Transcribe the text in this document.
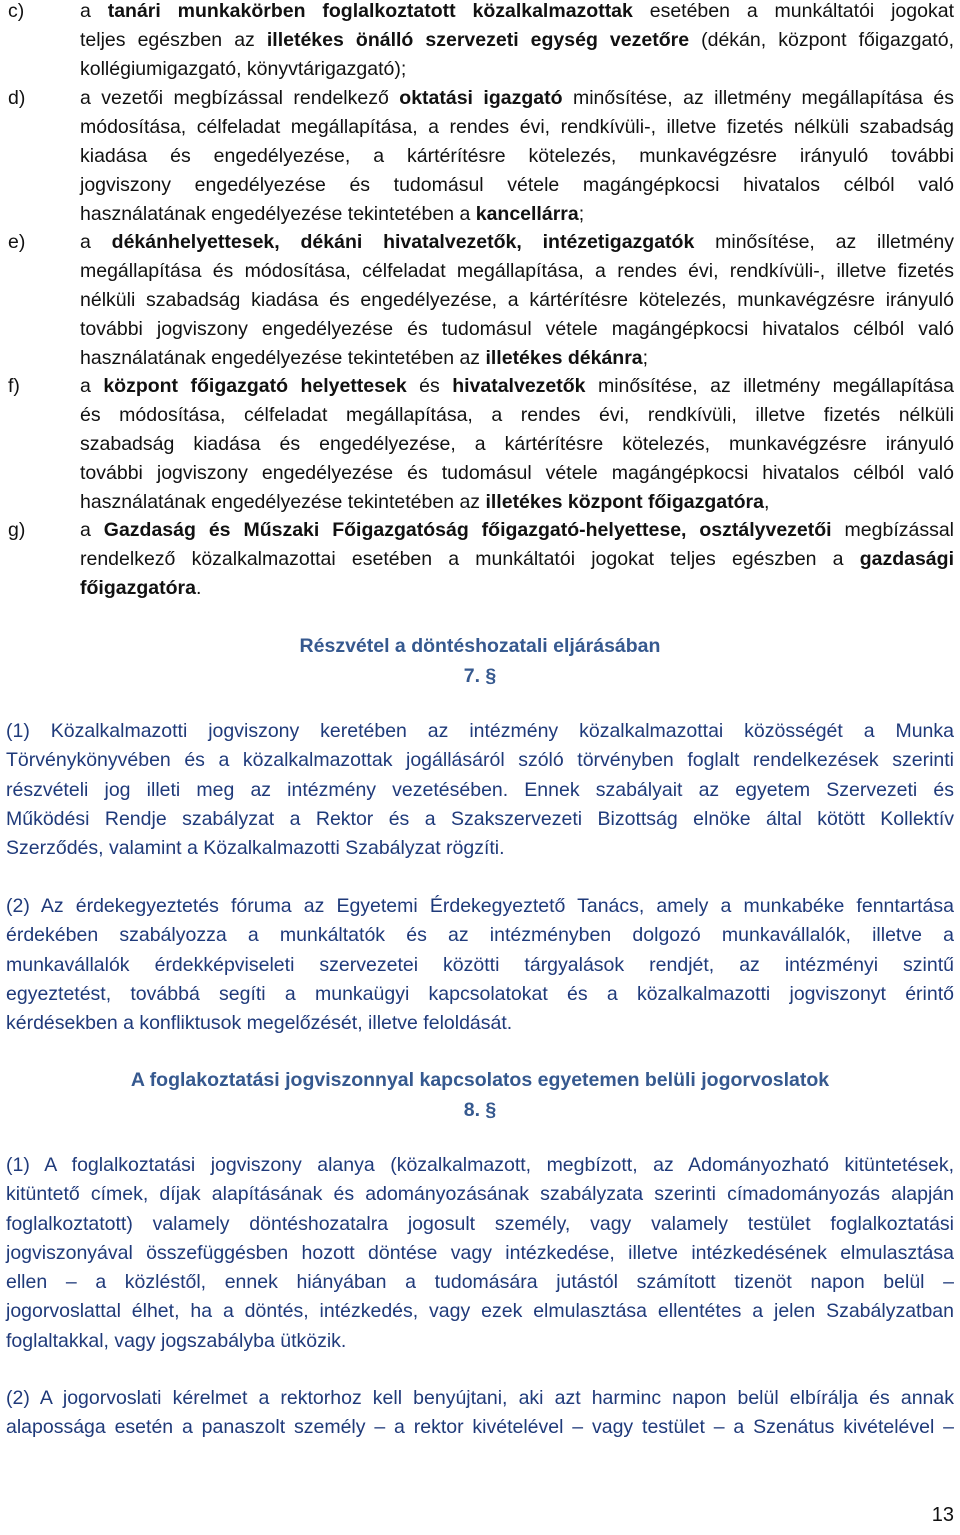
c)	a tanári munkakörben foglalkoztatott közalkalmazottak esetében a munkáltatói jogokat
teljes egészben az illetékes önálló szervezeti egység vezetőre (dékán, központ főigazgató,
kollégiumigazgató, könyvtárigazgató);
d)	a vezetői megbízással rendelkező oktatási igazgató minősítése, az illetmény megállapítása és
módosítása, célfeladat megállapítása, a rendes évi, rendkívüli-, illetve fizetés nélküli szabadság
kiadása és engedélyezése, a kártérítésre kötelezés, munkavégzésre irányuló további
jogviszony engedélyezése és tudomásul vétele magángépkocsi hivatalos célból való
használatának engedélyezése tekintetében a kancellárra;
e)	a dékánhelyettesek, dékáni hivatalvezetők, intézetigazgatók minősítése, az illetmény
megállapítása és módosítása, célfeladat megállapítása, a rendes évi, rendkívüli-, illetve fizetés
nélküli szabadság kiadása és engedélyezése, a kártérítésre kötelezés, munkavégzésre irányuló
további jogviszony engedélyezése és tudomásul vétele magángépkocsi hivatalos célból való
használatának engedélyezése tekintetében az illetékes dékánra;
f)	a központ főigazgató helyettesek és hivatalvezetők minősítése, az illetmény megállapítása
és módosítása, célfeladat megállapítása, a rendes évi, rendkívüli, illetve fizetés nélküli
szabadság kiadása és engedélyezése, a kártérítésre kötelezés, munkavégzésre irányuló
további jogviszony engedélyezése és tudomásul vétele magángépkocsi hivatalos célból való
használatának engedélyezése tekintetében az illetékes központ főigazgatóra,
g)	a Gazdaság és Műszaki Főigazgatóság főigazgató-helyettese, osztályvezetői megbízással
rendelkező közalkalmazottai esetében a munkáltatói jogokat teljes egészben a gazdasági
főigazgatóra.
Részvétel a döntéshozatali eljárásában
7. §
(1) Közalkalmazotti jogviszony keretében az intézmény közalkalmazottai közösségét a Munka
Törvénykönyvében és a közalkalmazottak jogállásáról szóló törvényben foglalt rendelkezések szerinti
részvételi jog illeti meg az intézmény vezetésében. Ennek szabályait az egyetem Szervezeti és
Működési Rendje szabályzat a Rektor és a Szakszervezeti Bizottság elnöke által kötött Kollektív
Szerződés, valamint a Közalkalmazotti Szabályzat rögzíti.
(2) Az érdekegyeztetés fóruma az Egyetemi Érdekegyeztető Tanács, amely a munkabéke fenntartása
érdekében szabályozza a munkáltatók és az intézményben dolgozó munkavállalók, illetve a
munkavállalók érdekképviseleti szervezetei közötti tárgyalások rendjét, az intézményi szintű
egyeztetést, továbbá segíti a munkaügyi kapcsolatokat és a közalkalmazotti jogviszonyt érintő
kérdésekben a konfliktusok megelőzését, illetve feloldását.
A foglakoztatási jogviszonnyal kapcsolatos egyetemen belüli jogorvoslatok
8. §
(1) A foglalkoztatási jogviszony alanya (közalkalmazott, megbízott, az Adományozható kitüntetések,
kitüntető címek, díjak alapításának és adományozásának szabályzata szerinti címadományozás alapján
foglalkoztatott) valamely döntéshozatalra jogosult személy, vagy valamely testület foglalkoztatási
jogviszonyával összefüggésben hozott döntése vagy intézkedése, illetve intézkedésének elmulasztása
ellen – a közléstől, ennek hiányában a tudomására jutástól számított tizenöt napon belül –
jogorvoslattal élhet, ha a döntés, intézkedés, vagy ezek elmulasztása ellentétes a jelen Szabályzatban
foglaltakkal, vagy jogszabályba ütközik.
(2) A jogorvoslati kérelmet a rektorhoz kell benyújtani, aki azt harminc napon belül elbírálja és annak
alapossága esetén a panaszolt személy – a rektor kivételével – vagy testület – a Szenátus kivételével –
13
